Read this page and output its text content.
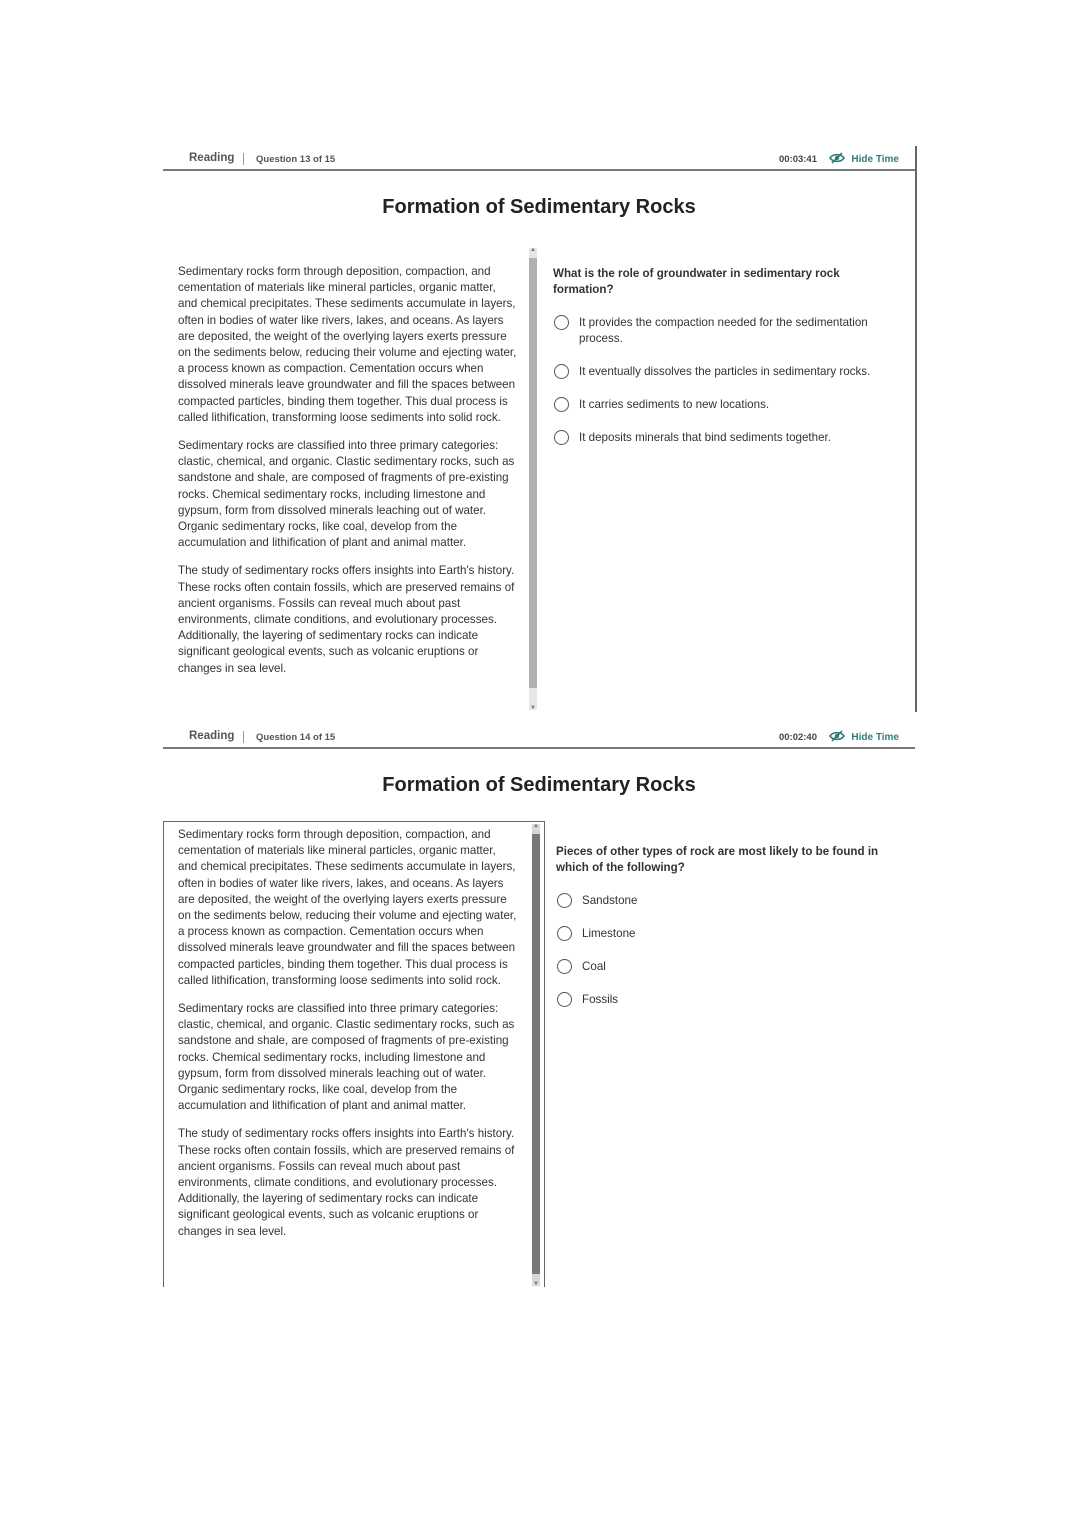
Reading Question 13 of 15	00:03:41	Hide Time
Formation of Sedimentary Rocks

Sedimentary rocks form through deposition, compaction, and cementation of materials like mineral particles, organic matter, and chemical precipitates. These sediments accumulate in layers, often in bodies of water like rivers, lakes, and oceans. As layers are deposited, the weight of the overlying layers exerts pressure on the sediments below, reducing their volume and ejecting water, a process known as compaction. Cementation occurs when dissolved minerals leave groundwater and fill the spaces between compacted particles, binding them together. This dual process is called lithification, transforming loose sediments into solid rock.

Sedimentary rocks are classified into three primary categories: clastic, chemical, and organic. Clastic sedimentary rocks, such as sandstone and shale, are composed of fragments of pre-existing rocks. Chemical sedimentary rocks, including limestone and gypsum, form from dissolved minerals leaching out of water. Organic sedimentary rocks, like coal, develop from the accumulation and lithification of plant and animal matter.

The study of sedimentary rocks offers insights into Earth's history. These rocks often contain fossils, which are preserved remains of ancient organisms. Fossils can reveal much about past environments, climate conditions, and evolutionary processes. Additionally, the layering of sedimentary rocks can indicate significant geological events, such as volcanic eruptions or changes in sea level.

▲
▼
What is the role of groundwater in sedimentary rock formation?
It provides the compaction needed for the sedimentation process.
It eventually dissolves the particles in sedimentary rocks.
It carries sediments to new locations.
It deposits minerals that bind sediments together.
Reading Question 14 of 15	00:02:40	Hide Time
Formation of Sedimentary Rocks

Sedimentary rocks form through deposition, compaction, and cementation of materials like mineral particles, organic matter, and chemical precipitates. These sediments accumulate in layers, often in bodies of water like rivers, lakes, and oceans. As layers are deposited, the weight of the overlying layers exerts pressure on the sediments below, reducing their volume and ejecting water, a process known as compaction. Cementation occurs when dissolved minerals leave groundwater and fill the spaces between compacted particles, binding them together. This dual process is called lithification, transforming loose sediments into solid rock.

Sedimentary rocks are classified into three primary categories: clastic, chemical, and organic. Clastic sedimentary rocks, such as sandstone and shale, are composed of fragments of pre-existing rocks. Chemical sedimentary rocks, including limestone and gypsum, form from dissolved minerals leaching out of water. Organic sedimentary rocks, like coal, develop from the accumulation and lithification of plant and animal matter.

The study of sedimentary rocks offers insights into Earth's history. These rocks often contain fossils, which are preserved remains of ancient organisms. Fossils can reveal much about past environments, climate conditions, and evolutionary processes. Additionally, the layering of sedimentary rocks can indicate significant geological events, such as volcanic eruptions or changes in sea level.

▲
▼
Pieces of other types of rock are most likely to be found in which of the following?
Sandstone
Limestone
Coal
Fossils
